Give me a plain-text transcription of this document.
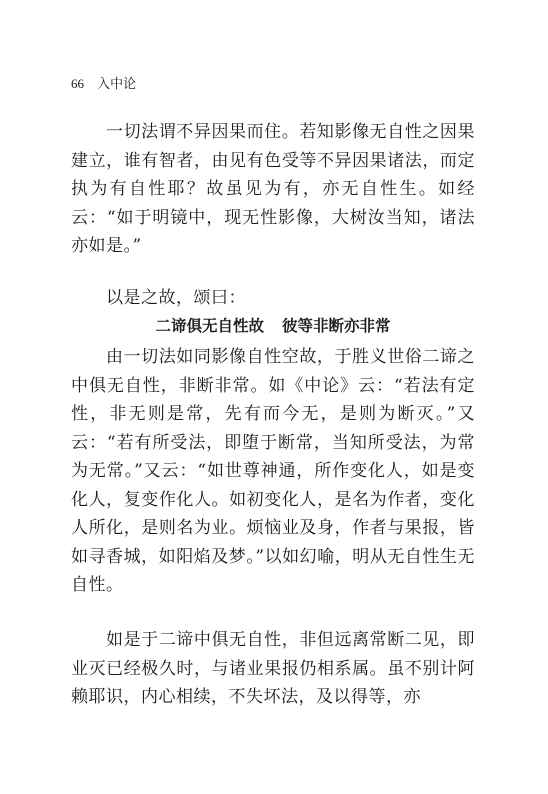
66 入中论

一切法谓不异因果而住。若知影像无自性之因果建立，谁有智者，由见有色受等不异因果诸法，而定执为有自性耶？故虽见为有，亦无自性生。如经云：“如于明镜中，现无性影像，大树汝当知，诸法亦如是。”

以是之故，颂曰：

二谛俱无自性故 彼等非断亦非常

由一切法如同影像自性空故，于胜义世俗二谛之中俱无自性，非断非常。如《中论》云：“若法有定性，非无则是常，先有而今无，是则为断灭。”又云：“若有所受法，即堕于断常，当知所受法，为常为无常。”又云：“如世尊神通，所作变化人，如是变化人，复变作化人。如初变化人，是名为作者，变化人所化，是则名为业。烦恼业及身，作者与果报，皆如寻香城，如阳焰及梦。”以如幻喻，明从无自性生无自性。

如是于二谛中俱无自性，非但远离常断二见，即业灭已经极久时，与诸业果报仍相系属。虽不别计阿赖耶识，内心相续，不失坏法，及以得等，亦
